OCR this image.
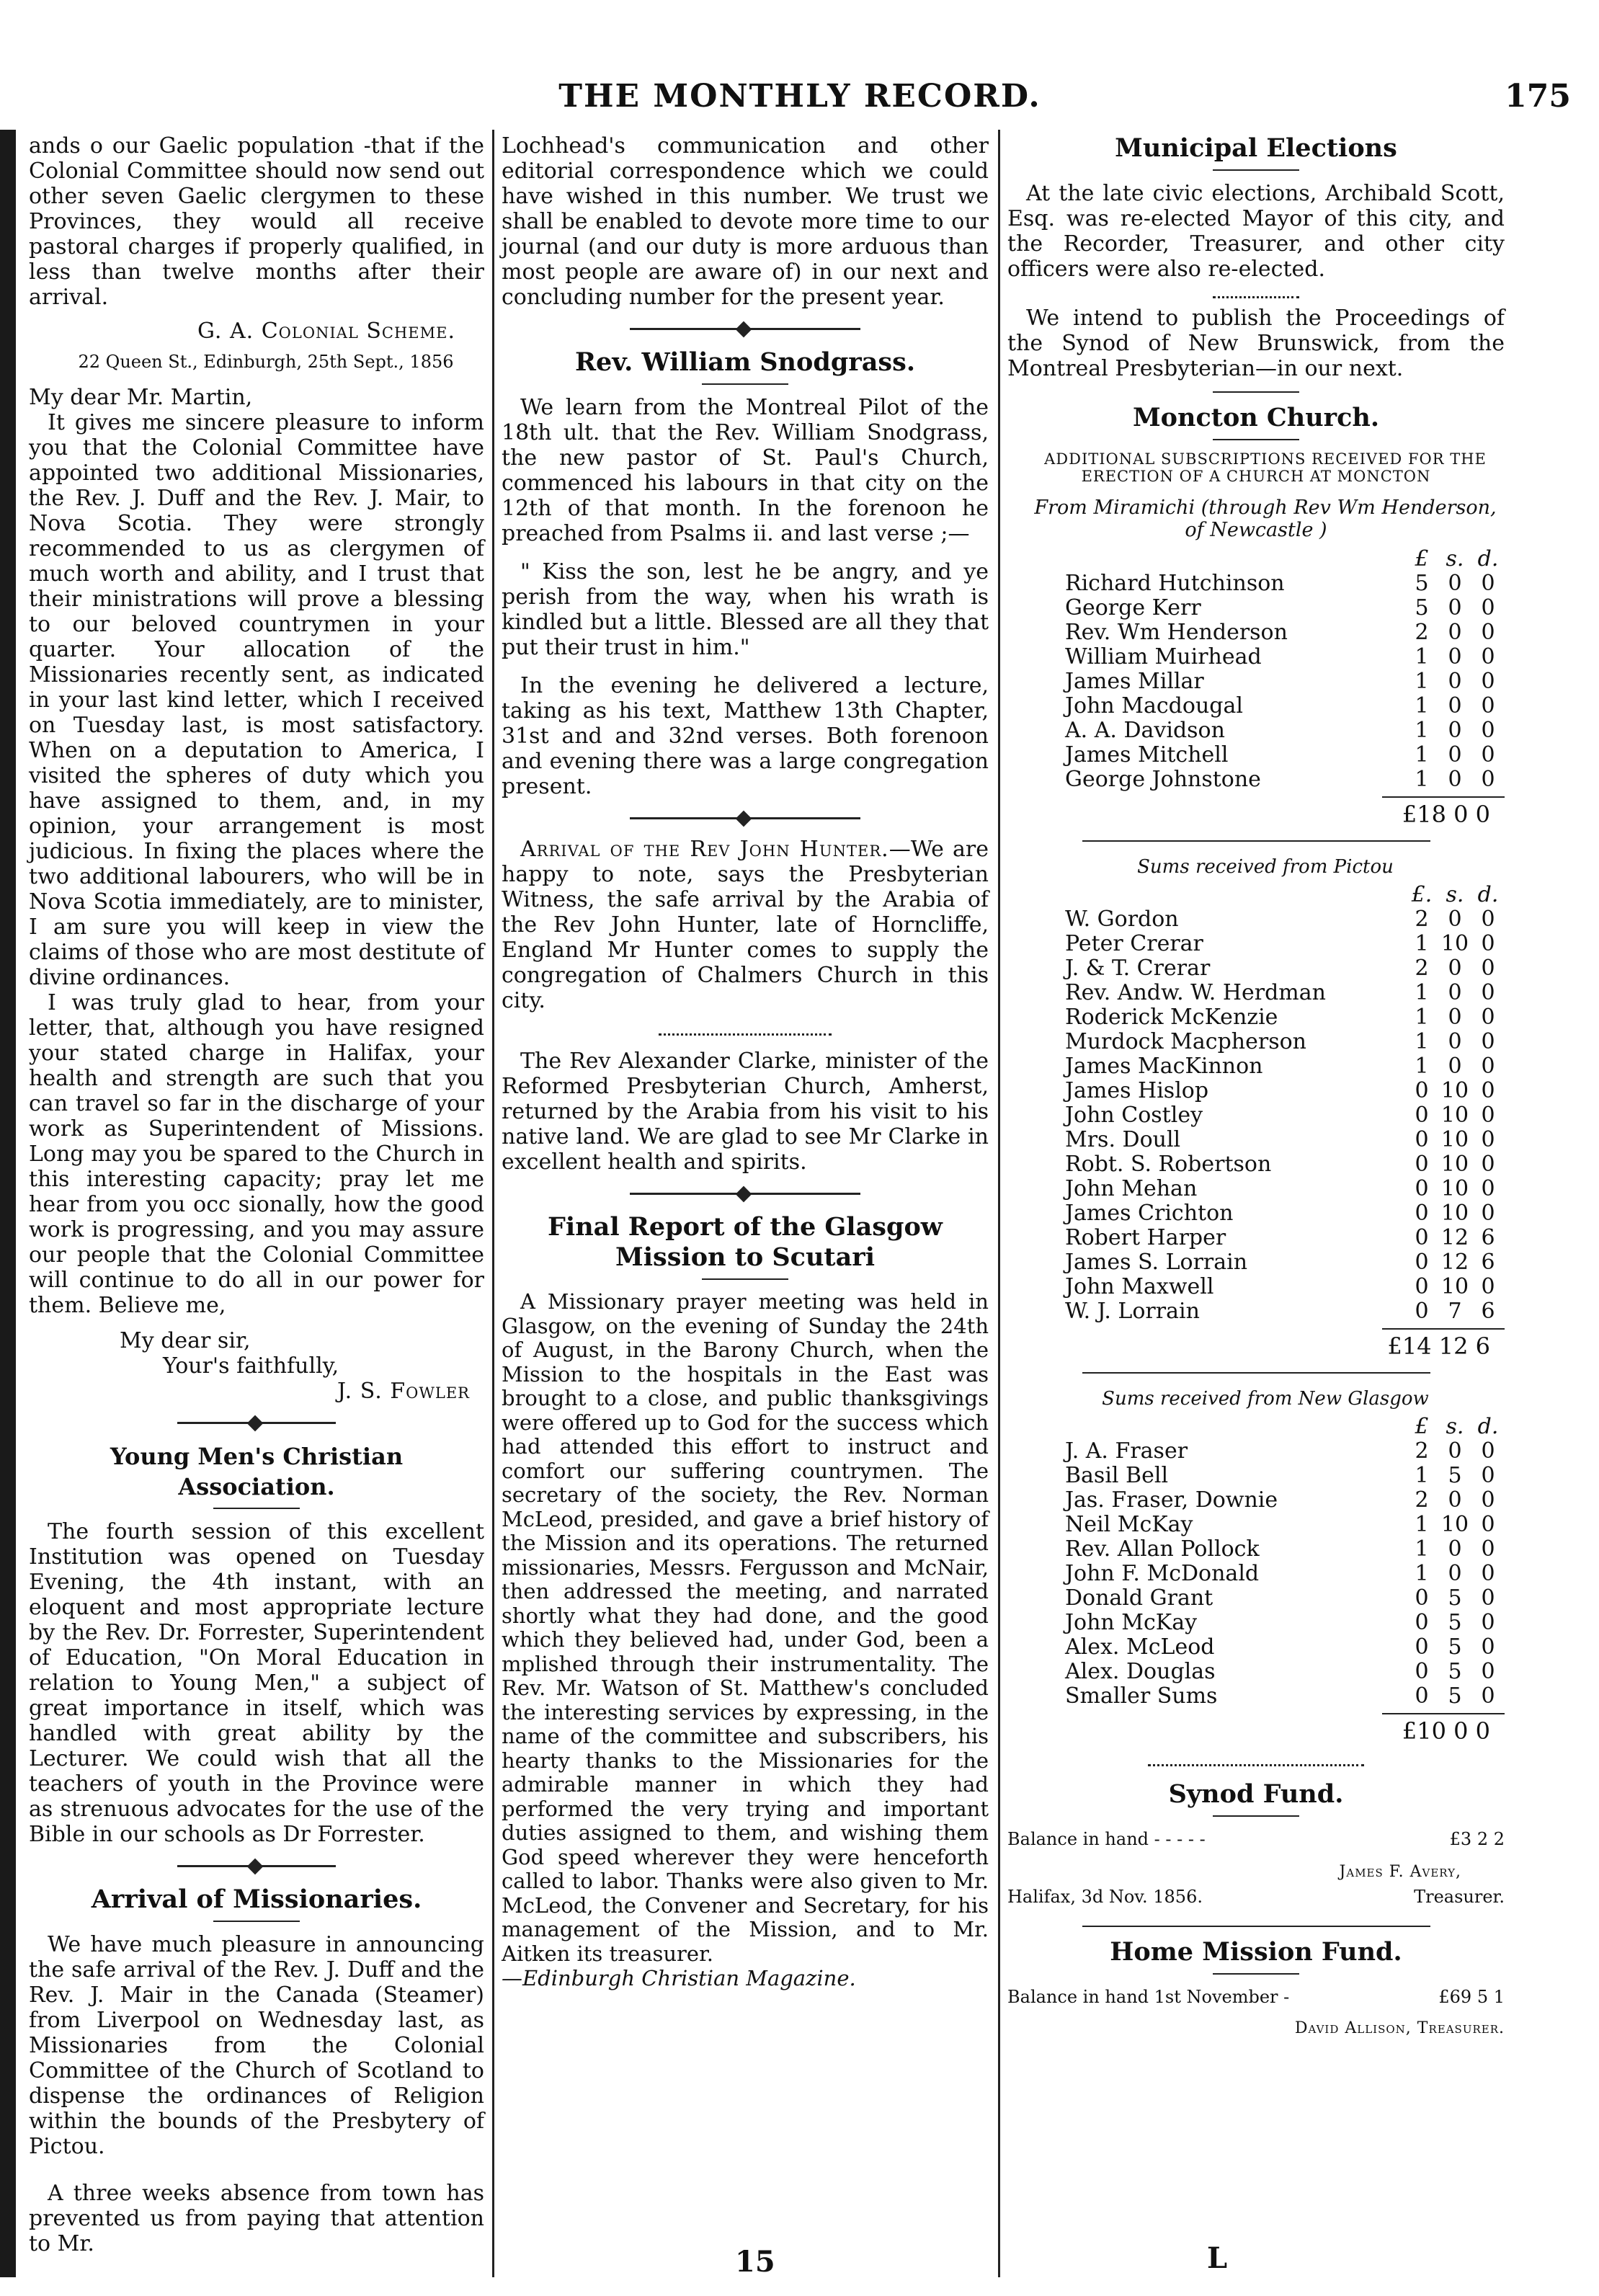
THE MONTHLY RECORD.	175

ands o our Gaelic population -that if the Colonial Committee should now send out other seven Gaelic clergymen to these Provinces, they would all receive pastoral charges if properly qualified, in less than twelve months after their arrival.

G. A. Colonial Scheme.

22 Queen St., Edinburgh, 25th Sept., 1856

My dear Mr. Martin,

It gives me sincere pleasure to inform you that the Colonial Committee have appointed two additional Missionaries, the Rev. J. Duff and the Rev. J. Mair, to Nova Scotia. They were strongly recommended to us as clergymen of much worth and ability, and I trust that their ministrations will prove a blessing to our beloved countrymen in your quarter. Your allocation of the Missionaries recently sent, as indicated in your last kind letter, which I received on Tuesday last, is most satisfactory. When on a deputation to America, I visited the spheres of duty which you have assigned to them, and, in my opinion, your arrangement is most judicious. In fixing the places where the two additional labourers, who will be in Nova Scotia immediately, are to minister, I am sure you will keep in view the claims of those who are most destitute of divine ordinances.

I was truly glad to hear, from your letter, that, although you have resigned your stated charge in Halifax, your health and strength are such that you can travel so far in the discharge of your work as Superintendent of Missions. Long may you be spared to the Church in this interesting capacity; pray let me hear from you occ sionally, how the good work is progressing, and you may assure our people that the Colonial Committee will continue to do all in our power for them. Believe me,

My dear sir,

Your's faithfully,

J. S. Fowler

Young Men's Christian Association.

The fourth session of this excellent Institution was opened on Tuesday Evening, the 4th instant, with an eloquent and most appropriate lecture by the Rev. Dr. Forrester, Superintendent of Education, "On Moral Education in relation to Young Men," a subject of great importance in itself, which was handled with great ability by the Lecturer. We could wish that all the teachers of youth in the Province were as strenuous advocates for the use of the Bible in our schools as Dr Forrester.

Arrival of Missionaries.

We have much pleasure in announcing the safe arrival of the Rev. J. Duff and the Rev. J. Mair in the Canada (Steamer) from Liverpool on Wednesday last, as Missionaries from the Colonial Committee of the Church of Scotland to dispense the ordinances of Religion within the bounds of the Presbytery of Pictou.

A three weeks absence from town has prevented us from paying that attention to Mr.

Lochhead's communication and other editorial correspondence which we could have wished in this number. We trust we shall be enabled to devote more time to our journal (and our duty is more arduous than most people are aware of) in our next and concluding number for the present year.

Rev. William Snodgrass.

We learn from the Montreal Pilot of the 18th ult. that the Rev. William Snodgrass, the new pastor of St. Paul's Church, commenced his labours in that city on the 12th of that month. In the forenoon he preached from Psalms ii. and last verse ;—

" Kiss the son, lest he be angry, and ye perish from the way, when his wrath is kindled but a little. Blessed are all they that put their trust in him."

In the evening he delivered a lecture, taking as his text, Matthew 13th Chapter, 31st and and 32nd verses. Both forenoon and evening there was a large congregation present.

Arrival of the Rev John Hunter.—We are happy to note, says the Presbyterian Witness, the safe arrival by the Arabia of the Rev John Hunter, late of Horncliffe, England Mr Hunter comes to supply the congregation of Chalmers Church in this city.

The Rev Alexander Clarke, minister of the Reformed Presbyterian Church, Amherst, returned by the Arabia from his visit to his native land. We are glad to see Mr Clarke in excellent health and spirits.

Final Report of the Glasgow Mission to Scutari

A Missionary prayer meeting was held in Glasgow, on the evening of Sunday the 24th of August, in the Barony Church, when the Mission to the hospitals in the East was brought to a close, and public thanksgivings were offered up to God for the success which had attended this effort to instruct and comfort our suffering countrymen. The secretary of the society, the Rev. Norman McLeod, presided, and gave a brief history of the Mission and its operations. The returned missionaries, Messrs. Fergusson and McNair, then addressed the meeting, and narrated shortly what they had done, and the good which they believed had, under God, been a mplished through their instrumentality. The Rev. Mr. Watson of St. Matthew's concluded the interesting services by expressing, in the name of the committee and subscribers, his hearty thanks to the Missionaries for the admirable manner in which they had performed the very trying and important duties assigned to them, and wishing them God speed wherever they were henceforth called to labor. Thanks were also given to Mr. McLeod, the Convener and Secretary, for his management of the Mission, and to Mr. Aitken its treasurer.

—Edinburgh Christian Magazine.

Municipal Elections

At the late civic elections, Archibald Scott, Esq. was re-elected Mayor of this city, and the Recorder, Treasurer, and other city officers were also re-elected.

We intend to publish the Proceedings of the Synod of New Brunswick, from the Montreal Presbyterian—in our next.

Moncton Church.

ADDITIONAL SUBSCRIPTIONS RECEIVED FOR THE ERECTION OF A CHURCH AT MONCTON

From Miramichi (through Rev Wm Henderson, of Newcastle )

	£	s.	d.
Richard Hutchinson	5	0	0
George Kerr	5	0	0
Rev. Wm Henderson	2	0	0
William Muirhead	1	0	0
James Millar	1	0	0
John Macdougal	1	0	0
A. A. Davidson	1	0	0
James Mitchell	1	0	0
George Johnstone	1	0	0

£18 0 0

Sums received from Pictou

	£.	s.	d.
W. Gordon	2	0	0
Peter Crerar	1	10	0
J. & T. Crerar	2	0	0
Rev. Andw. W. Herdman	1	0	0
Roderick McKenzie	1	0	0
Murdock Macpherson	1	0	0
James MacKinnon	1	0	0
James Hislop	0	10	0
John Costley	0	10	0
Mrs. Doull	0	10	0
Robt. S. Robertson	0	10	0
John Mehan	0	10	0
James Crichton	0	10	0
Robert Harper	0	12	6
James S. Lorrain	0	12	6
John Maxwell	0	10	0
W. J. Lorrain	0	7	6

£14 12 6

Sums received from New Glasgow

	£	s.	d.
J. A. Fraser	2	0	0
Basil Bell	1	5	0
Jas. Fraser, Downie	2	0	0
Neil McKay	1	10	0
Rev. Allan Pollock	1	0	0
John F. McDonald	1	0	0
Donald Grant	0	5	0
John McKay	0	5	0
Alex. McLeod	0	5	0
Alex. Douglas	0	5	0
Smaller Sums	0	5	0

£10 0 0

Synod Fund.
Balance in hand - - - - -	£3 2 2

James F. Avery,

Halifax, 3d Nov. 1856.	Treasurer.
Home Mission Fund.
Balance in hand 1st November -	£69 5 1

David Allison, Treasurer.

15	L
